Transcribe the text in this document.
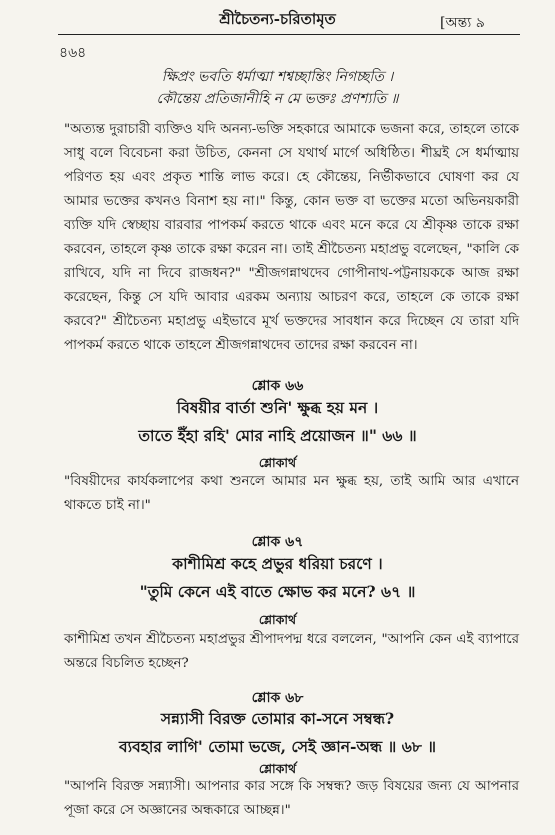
৪৬৪
শ্রীচৈতন্য-চরিতামৃত	[অন্ত্য ৯
ক্ষিপ্রং ভবতি ধর্মাত্মা শশ্বচ্ছান্তিং নিগচ্ছতি ।
কৌন্তেয় প্রতিজানীহি ন মে ভক্তঃ প্রণশ্যতি ॥
"অত্যন্ত দুরাচারী ব্যক্তিও যদি অনন্য-ভক্তি সহকারে আমাকে ভজনা করে, তাহলে তাকে সাধু বলে বিবেচনা করা উচিত, কেননা সে যথার্থ মার্গে অধিষ্ঠিত। শীঘ্রই সে ধর্মাত্মায় পরিণত হয় এবং প্রকৃত শান্তি লাভ করে। হে কৌন্তেয়, নির্ভীকভাবে ঘোষণা কর যে আমার ভক্তের কখনও বিনাশ হয় না।" কিন্তু, কোন ভক্ত বা ভক্তের মতো অভিনয়কারী ব্যক্তি যদি স্বেচ্ছায় বারবার পাপকর্ম করতে থাকে এবং মনে করে যে শ্রীকৃষ্ণ তাকে রক্ষা করবেন, তাহলে কৃষ্ণ তাকে রক্ষা করেন না। তাই শ্রীচৈতন্য মহাপ্রভু বলেছেন, "কালি কে রাখিবে, যদি না দিবে রাজধন?" "শ্রীজগন্নাথদেব গোপীনাথ-পট্টনায়ককে আজ রক্ষা করেছেন, কিন্তু সে যদি আবার এরকম অন্যায় আচরণ করে, তাহলে কে তাকে রক্ষা করবে?" শ্রীচৈতন্য মহাপ্রভু এইভাবে মূর্খ ভক্তদের সাবধান করে দিচ্ছেন যে তারা যদি পাপকর্ম করতে থাকে তাহলে শ্রীজগন্নাথদেব তাদের রক্ষা করবেন না।
শ্লোক ৬৬
বিষয়ীর বার্তা শুনি' ক্ষুব্ধ হয় মন ।
তাতে ইঁহা রহি' মোর নাহি প্রয়োজন ॥" ৬৬ ॥
শ্লোকার্থ
"বিষয়ীদের কার্যকলাপের কথা শুনলে আমার মন ক্ষুব্ধ হয়, তাই আমি আর এখানে থাকতে চাই না।"
শ্লোক ৬৭
কাশীমিশ্র কহে প্রভুর ধরিয়া চরণে ।
"তুমি কেনে এই বাতে ক্ষোভ কর মনে? ৬৭ ॥
শ্লোকার্থ
কাশীমিশ্র তখন শ্রীচৈতন্য মহাপ্রভুর শ্রীপাদপদ্ম ধরে বললেন, "আপনি কেন এই ব্যাপারে অন্তরে বিচলিত হচ্ছেন?
শ্লোক ৬৮
সন্ন্যাসী বিরক্ত তোমার কা-সনে সম্বন্ধ?
ব্যবহার লাগি' তোমা ভজে, সেই জ্ঞান-অন্ধ ॥ ৬৮ ॥
শ্লোকার্থ
"আপনি বিরক্ত সন্ন্যাসী। আপনার কার সঙ্গে কি সম্বন্ধ? জড় বিষয়ের জন্য যে আপনার পূজা করে সে অজ্ঞানের অন্ধকারে আচ্ছন্ন।"
